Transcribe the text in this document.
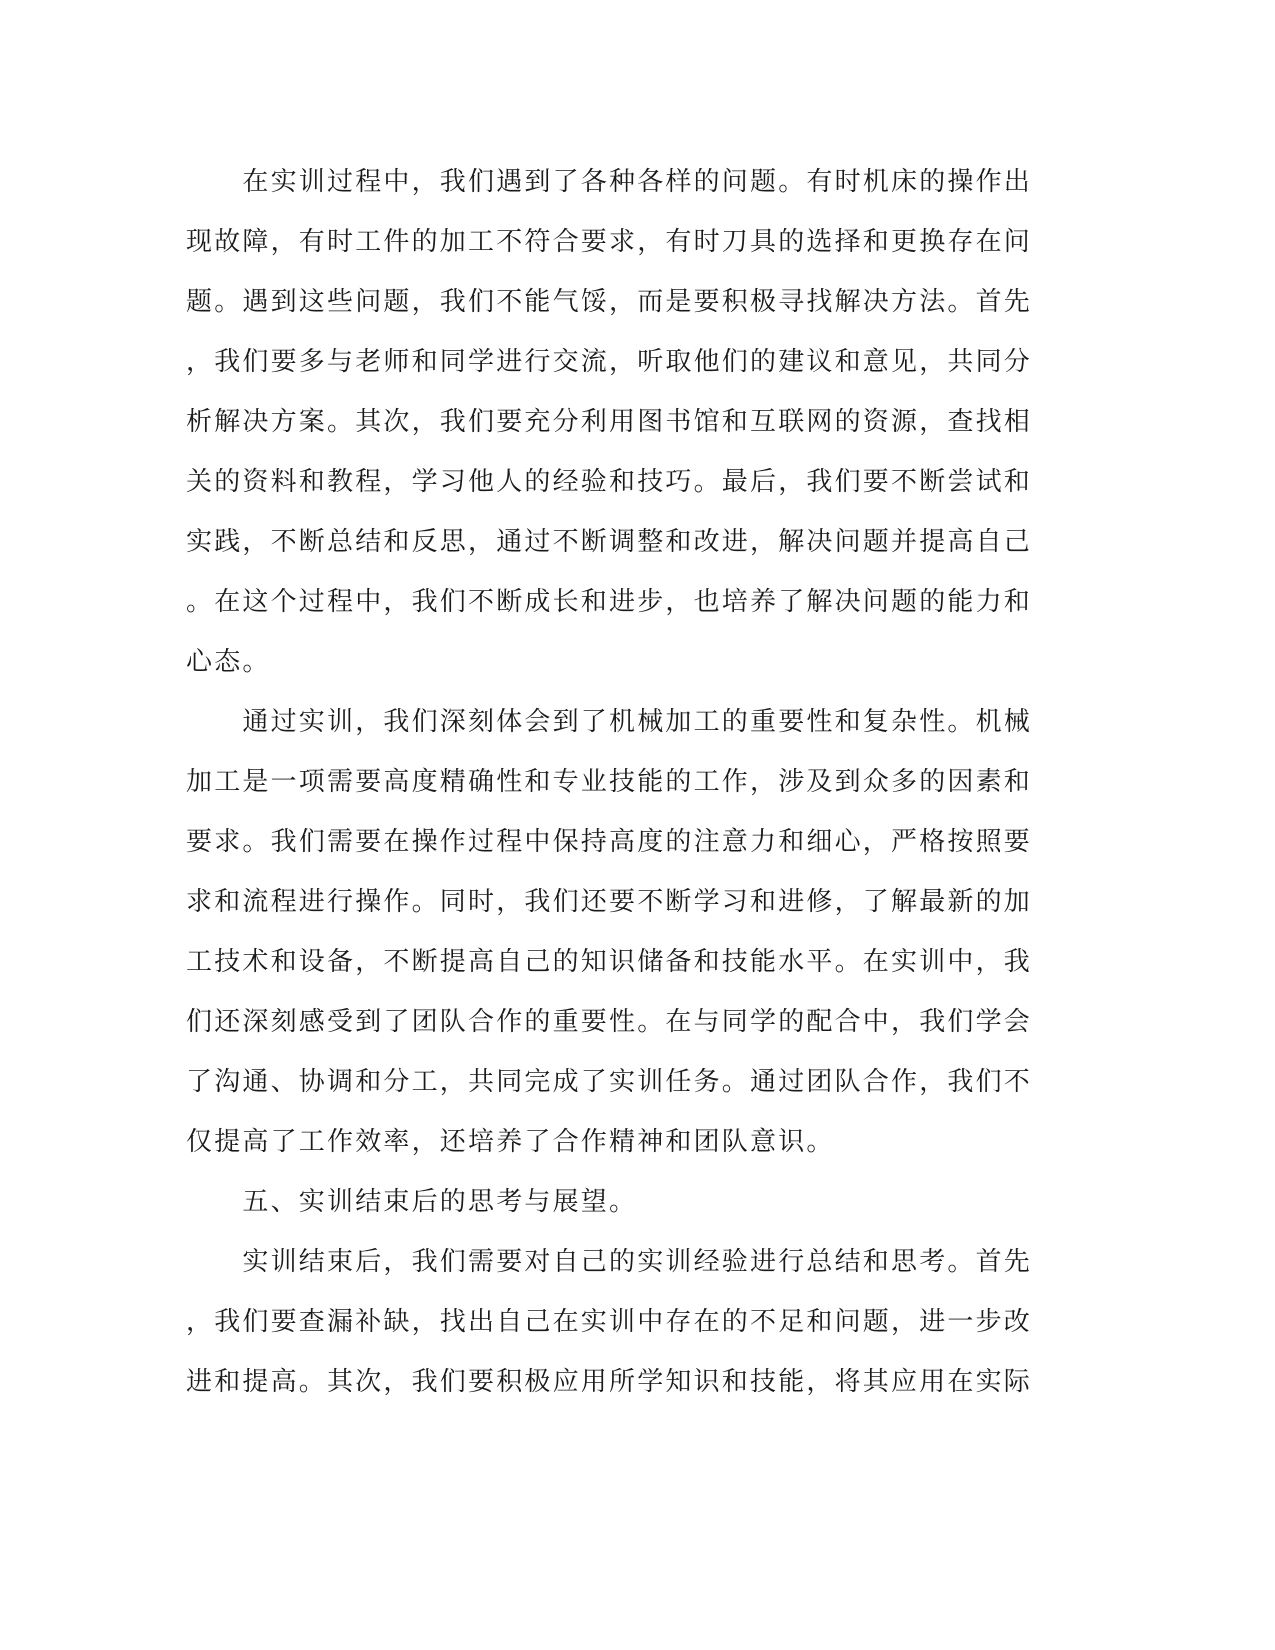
　　在实训过程中，我们遇到了各种各样的问题。有时机床的操作出
现故障，有时工件的加工不符合要求，有时刀具的选择和更换存在问
题。遇到这些问题，我们不能气馁，而是要积极寻找解决方法。首先
，我们要多与老师和同学进行交流，听取他们的建议和意见，共同分
析解决方案。其次，我们要充分利用图书馆和互联网的资源，查找相
关的资料和教程，学习他人的经验和技巧。最后，我们要不断尝试和
实践，不断总结和反思，通过不断调整和改进，解决问题并提高自己
。在这个过程中，我们不断成长和进步，也培养了解决问题的能力和
心态。
　　通过实训，我们深刻体会到了机械加工的重要性和复杂性。机械
加工是一项需要高度精确性和专业技能的工作，涉及到众多的因素和
要求。我们需要在操作过程中保持高度的注意力和细心，严格按照要
求和流程进行操作。同时，我们还要不断学习和进修，了解最新的加
工技术和设备，不断提高自己的知识储备和技能水平。在实训中，我
们还深刻感受到了团队合作的重要性。在与同学的配合中，我们学会
了沟通、协调和分工，共同完成了实训任务。通过团队合作，我们不
仅提高了工作效率，还培养了合作精神和团队意识。
　　五、实训结束后的思考与展望。
　　实训结束后，我们需要对自己的实训经验进行总结和思考。首先
，我们要查漏补缺，找出自己在实训中存在的不足和问题，进一步改
进和提高。其次，我们要积极应用所学知识和技能，将其应用在实际
